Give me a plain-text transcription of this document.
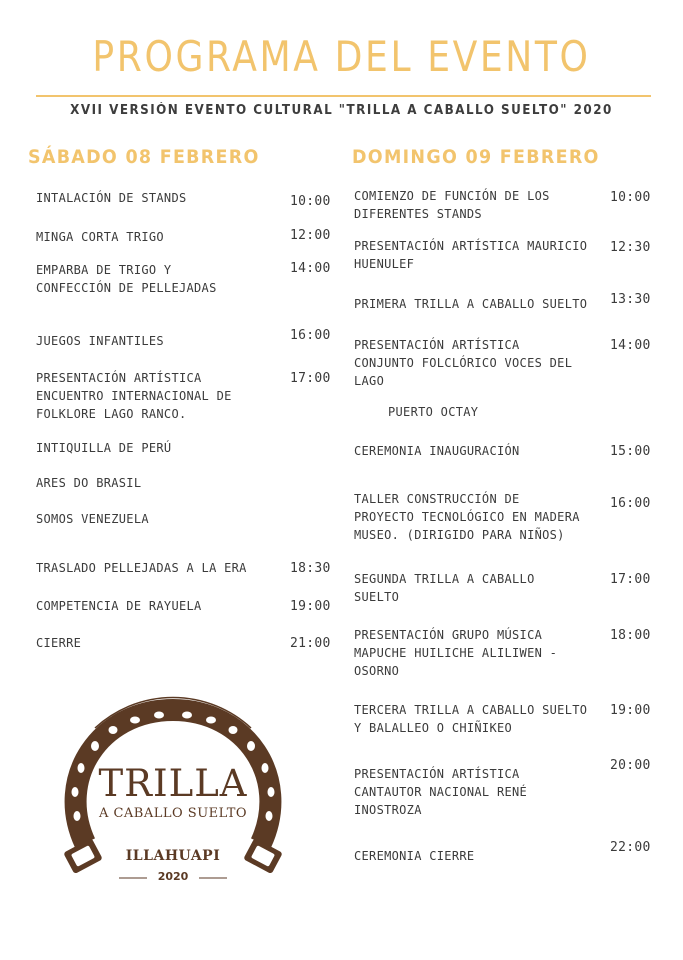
PROGRAMA DEL EVENTO
XVII VERSIÓN EVENTO CULTURAL "TRILLA A CABALLO SUELTO" 2020
SÁBADO 08 FEBRERO	DOMINGO 09 FEBRERO
INTALACIÓN DE STANDS	10:00
MINGA CORTA TRIGO	12:00
EMPARBA DE TRIGO Y
CONFECCIÓN DE PELLEJADAS
14:00
JUEGOS INFANTILES	16:00
PRESENTACIÓN ARTÍSTICA
ENCUENTRO INTERNACIONAL DE
FOLKLORE LAGO RANCO.
17:00
INTIQUILLA DE PERÚ
ARES DO BRASIL
SOMOS VENEZUELA
TRASLADO PELLEJADAS A LA ERA	18:30
COMPETENCIA DE RAYUELA	19:00
CIERRE	21:00
COMIENZO DE FUNCIÓN DE LOS
DIFERENTES STANDS
10:00
PRESENTACIÓN ARTÍSTICA MAURICIO
HUENULEF
12:30
PRIMERA TRILLA A CABALLO SUELTO 13:30
PRESENTACIÓN ARTÍSTICA
CONJUNTO FOLCLÓRICO VOCES DEL
LAGO
14:00
PUERTO OCTAY
CEREMONIA INAUGURACIÓN	15:00
TALLER CONSTRUCCIÓN DE
PROYECTO TECNOLÓGICO EN MADERA
MUSEO. (DIRIGIDO PARA NIÑOS)
16:00
SEGUNDA TRILLA A CABALLO
SUELTO
17:00
PRESENTACIÓN GRUPO MÚSICA
MAPUCHE HUILICHE ALILIWEN -
OSORNO
18:00
TERCERA TRILLA A CABALLO SUELTO
Y BALALLEO O CHIÑIKEO
19:00
PRESENTACIÓN ARTÍSTICA
CANTAUTOR NACIONAL RENÉ
INOSTROZA
20:00
CEREMONIA CIERRE
22:00
TRILLA
A CABALLO SUELTO
ILLAHUAPI
2020
